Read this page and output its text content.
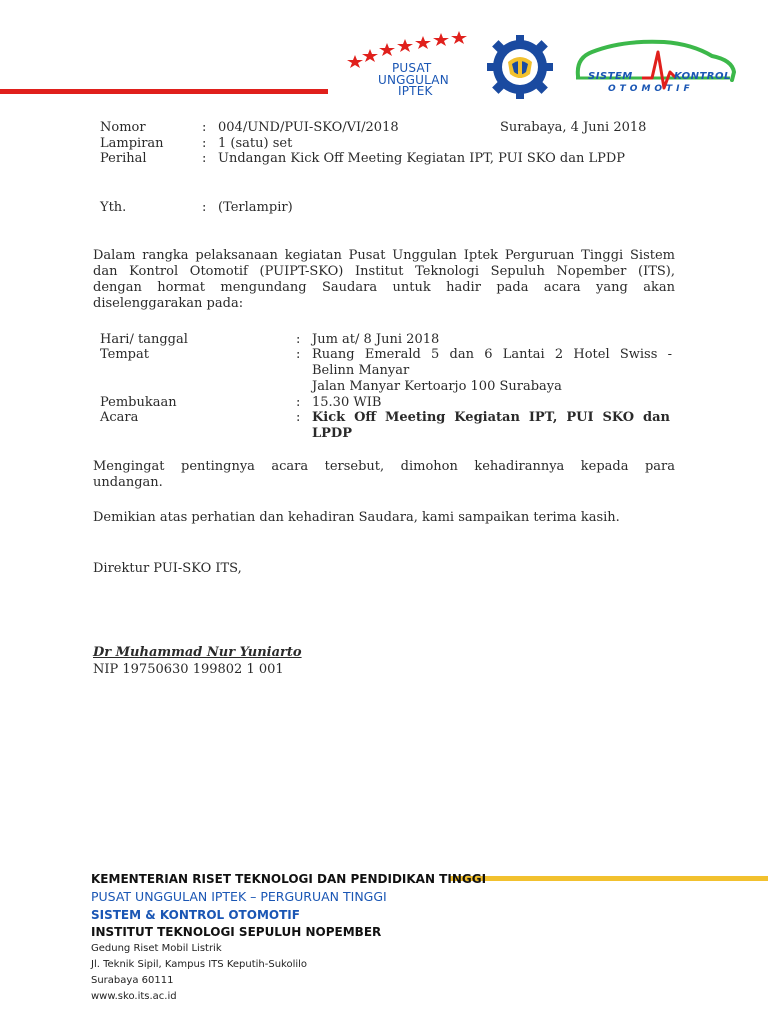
PUSAT
UNGGULAN
IPTEK
SISTEM	KONTROL
OTOMOTIF
Nomor	: 004/UND/PUI-SKO/VI/2018	Surabaya, 4 Juni 2018
Lampiran	: 1 (satu) set
Perihal	: Undangan Kick Off Meeting Kegiatan IPT, PUI SKO dan LPDP
Yth.	: (Terlampir)
Dalam rangka pelaksanaan kegiatan Pusat Unggulan Iptek Perguruan Tinggi Sistem
dan Kontrol Otomotif (PUIPT-SKO) Institut Teknologi Sepuluh Nopember (ITS),
dengan hormat mengundang Saudara untuk hadir pada acara yang akan
diselenggarakan pada:
Hari/ tanggal	: Jum at/ 8 Juni 2018
Tempat	: Ruang Emerald 5 dan 6 Lantai 2 Hotel Swiss -
Belinn Manyar
Jalan Manyar Kertoarjo 100 Surabaya
Pembukaan	: 15.30 WIB
Acara	: Kick Off Meeting Kegiatan IPT, PUI SKO dan
LPDP
Mengingat pentingnya acara tersebut, dimohon kehadirannya kepada para
undangan.
Demikian atas perhatian dan kehadiran Saudara, kami sampaikan terima kasih.
Direktur PUI-SKO ITS,
Dr Muhammad Nur Yuniarto
NIP 19750630 199802 1 001
KEMENTERIAN RISET TEKNOLOGI DAN PENDIDIKAN TINGGI
PUSAT UNGGULAN IPTEK – PERGURUAN TINGGI
SISTEM & KONTROL OTOMOTIF
INSTITUT TEKNOLOGI SEPULUH NOPEMBER
Gedung Riset Mobil Listrik
Jl. Teknik Sipil, Kampus ITS Keputih-Sukolilo
Surabaya 60111
www.sko.its.ac.id
